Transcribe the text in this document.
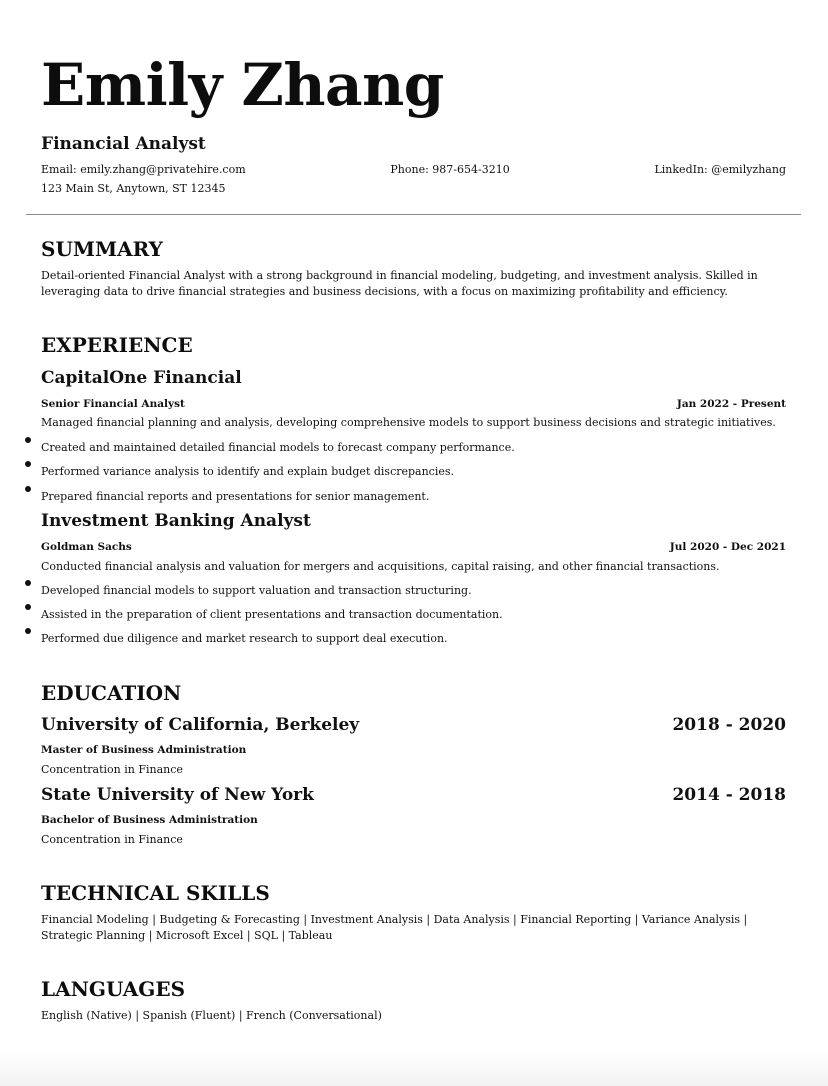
Emily Zhang
Financial Analyst
Email: emily.zhang@privatehire.com	Phone: 987-654-3210	LinkedIn: @emilyzhang
123 Main St, Anytown, ST 12345
SUMMARY
Detail-oriented Financial Analyst with a strong background in financial modeling, budgeting, and investment analysis. Skilled in leveraging data to drive financial strategies and business decisions, with a focus on maximizing profitability and efficiency.
EXPERIENCE
CapitalOne Financial
Senior Financial Analyst	Jan 2022 - Present
Managed financial planning and analysis, developing comprehensive models to support business decisions and strategic initiatives.
Created and maintained detailed financial models to forecast company performance.
Performed variance analysis to identify and explain budget discrepancies.
Prepared financial reports and presentations for senior management.
Investment Banking Analyst
Goldman Sachs	Jul 2020 - Dec 2021
Conducted financial analysis and valuation for mergers and acquisitions, capital raising, and other financial transactions.
Developed financial models to support valuation and transaction structuring.
Assisted in the preparation of client presentations and transaction documentation.
Performed due diligence and market research to support deal execution.
EDUCATION
University of California, Berkeley	2018 - 2020
Master of Business Administration
Concentration in Finance
State University of New York	2014 - 2018
Bachelor of Business Administration
Concentration in Finance
TECHNICAL SKILLS
Financial Modeling | Budgeting & Forecasting | Investment Analysis | Data Analysis | Financial Reporting | Variance Analysis | Strategic Planning | Microsoft Excel | SQL | Tableau
LANGUAGES
English (Native) | Spanish (Fluent) | French (Conversational)
